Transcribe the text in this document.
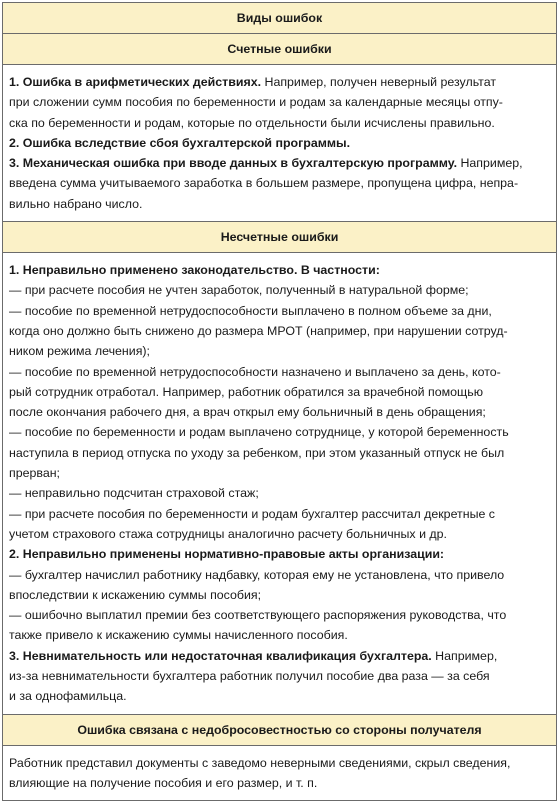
Виды ошибок
Счетные ошибки

1. Ошибка в арифметических действиях. Например, получен неверный результат
при сложении сумм пособия по беременности и родам за календарные месяцы отпу-
ска по беременности и родам, которые по отдельности были исчислены правильно.
2. Ошибка вследствие сбоя бухгалтерской программы.
3. Механическая ошибка при вводе данных в бухгалтерскую программу. Например,
введена сумма учитываемого заработка в большем размере, пропущена цифра, непра-
вильно набрано число.

Несчетные ошибки

1. Неправильно применено законодательство. В частности:
— при расчете пособия не учтен заработок, полученный в натуральной форме;
— пособие по временной нетрудоспособности выплачено в полном объеме за дни,
когда оно должно быть снижено до размера МРОТ (например, при нарушении сотруд-
ником режима лечения);
— пособие по временной нетрудоспособности назначено и выплачено за день, кото-
рый сотрудник отработал. Например, работник обратился за врачебной помощью
после окончания рабочего дня, а врач открыл ему больничный в день обращения;
— пособие по беременности и родам выплачено сотруднице, у которой беременность
наступила в период отпуска по уходу за ребенком, при этом указанный отпуск не был
прерван;
— неправильно подсчитан страховой стаж;
— при расчете пособия по беременности и родам бухгалтер рассчитал декретные с
учетом страхового стажа сотрудницы аналогично расчету больничных и др.
2. Неправильно применены нормативно-правовые акты организации:
— бухгалтер начислил работнику надбавку, которая ему не установлена, что привело
впоследствии к искажению суммы пособия;
— ошибочно выплатил премии без соответствующего распоряжения руководства, что
также привело к искажению суммы начисленного пособия.
3. Невнимательность или недостаточная квалификация бухгалтера. Например,
из-за невнимательности бухгалтера работник получил пособие два раза — за себя
и за однофамильца.

Ошибка связана с недобросовестностью со стороны получателя

Работник представил документы с заведомо неверными сведениями, скрыл сведения,
влияющие на получение пособия и его размер, и т. п.
